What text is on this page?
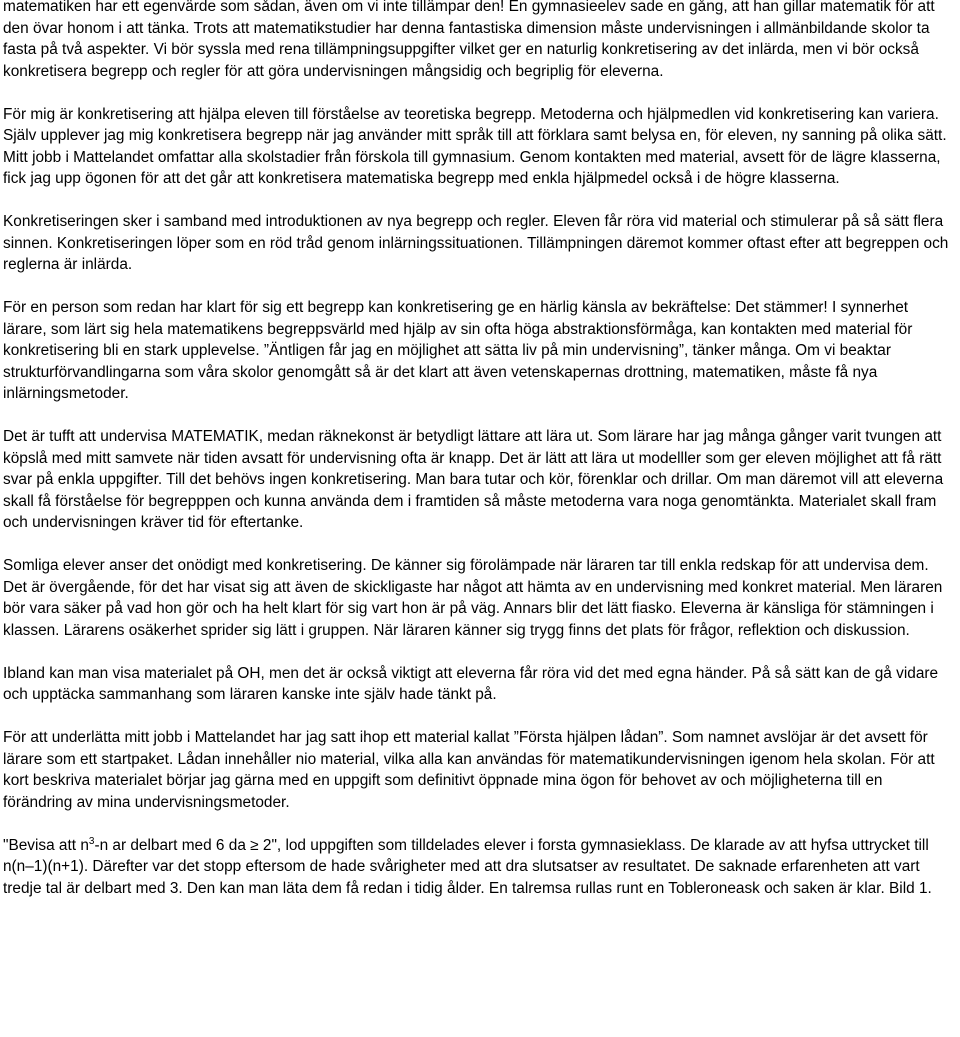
matematiken har ett egenvärde som sådan, även om vi inte tillämpar den! En gymnasieelev sade en gång, att han gillar matematik för att den övar honom i att tänka. Trots att matematikstudier har denna fantastiska dimension måste undervisningen i allmänbildande skolor ta fasta på två aspekter. Vi bör syssla med rena tillämpningsuppgifter vilket ger en naturlig konkretisering av det inlärda, men vi bör också konkretisera begrepp och regler för att göra undervisningen mångsidig och begriplig för eleverna.

För mig är konkretisering att hjälpa eleven till förståelse av teoretiska begrepp. Metoderna och hjälpmedlen vid konkretisering kan variera. Själv upplever jag mig konkretisera begrepp när jag använder mitt språk till att förklara samt belysa en, för eleven, ny sanning på olika sätt. Mitt jobb i Mattelandet omfattar alla skolstadier från förskola till gymnasium. Genom kontakten med material, avsett för de lägre klasserna, fick jag upp ögonen för att det går att konkretisera matematiska begrepp med enkla hjälpmedel också i de högre klasserna.

Konkretiseringen sker i samband med introduktionen av nya begrepp och regler. Eleven får röra vid material och stimulerar på så sätt flera sinnen. Konkretiseringen löper som en röd tråd genom inlärningssituationen. Tillämpningen däremot kommer oftast efter att begreppen och reglerna är inlärda.

För en person som redan har klart för sig ett begrepp kan konkretisering ge en härlig känsla av bekräftelse: Det stämmer! I synnerhet lärare, som lärt sig hela matematikens begreppsvärld med hjälp av sin ofta höga abstraktionsförmåga, kan kontakten med material för konkretisering bli en stark upplevelse. ”Äntligen får jag en möjlighet att sätta liv på min undervisning”, tänker många. Om vi beaktar strukturförvandlingarna som våra skolor genomgått så är det klart att även vetenskapernas drottning, matematiken, måste få nya inlärningsmetoder.

Det är tufft att undervisa MATEMATIK, medan räknekonst är betydligt lättare att lära ut. Som lärare har jag många gånger varit tvungen att köpslå med mitt samvete när tiden avsatt för undervisning ofta är knapp. Det är lätt att lära ut modelller som ger eleven möjlighet att få rätt svar på enkla uppgifter. Till det behövs ingen konkretisering. Man bara tutar och kör, förenklar och drillar. Om man däremot vill att eleverna skall få förståelse för begrepppen och kunna använda dem i framtiden så måste metoderna vara noga genomtänkta. Materialet skall fram och undervisningen kräver tid för eftertanke.

Somliga elever anser det onödigt med konkretisering. De känner sig förolämpade när läraren tar till enkla redskap för att undervisa dem. Det är övergående, för det har visat sig att även de skickligaste har något att hämta av en undervisning med konkret material. Men läraren bör vara säker på vad hon gör och ha helt klart för sig vart hon är på väg. Annars blir det lätt fiasko. Eleverna är känsliga för stämningen i klassen. Lärarens osäkerhet sprider sig lätt i gruppen. När läraren känner sig trygg finns det plats för frågor, reflektion och diskussion.

Ibland kan man visa materialet på OH, men det är också viktigt att eleverna får röra vid det med egna händer. På så sätt kan de gå vidare och upptäcka sammanhang som läraren kanske inte själv hade tänkt på.

För att underlätta mitt jobb i Mattelandet har jag satt ihop ett material kallat ”Första hjälpen lådan”. Som namnet avslöjar är det avsett för lärare som ett startpaket. Lådan innehåller nio material, vilka alla kan användas för matematikundervisningen igenom hela skolan. För att kort beskriva materialet börjar jag gärna med en uppgift som definitivt öppnade mina ögon för behovet av och möjligheterna till en förändring av mina undervisningsmetoder.

"Bevisa att $n^3-n$ ar delbart med 6 da ≥ 2", lod uppgiften som tilldelades elever i forsta gymnasieklass. De klarade av att hyfsa uttrycket till n(n–1)(n+1). Därefter var det stopp eftersom de hade svårigheter med att dra slutsatser av resultatet. De saknade erfarenheten att vart tredje tal är delbart med 3. Den kan man läta dem få redan i tidig ålder. En talremsa rullas runt en Tobleroneask och saken är klar. Bild 1.
